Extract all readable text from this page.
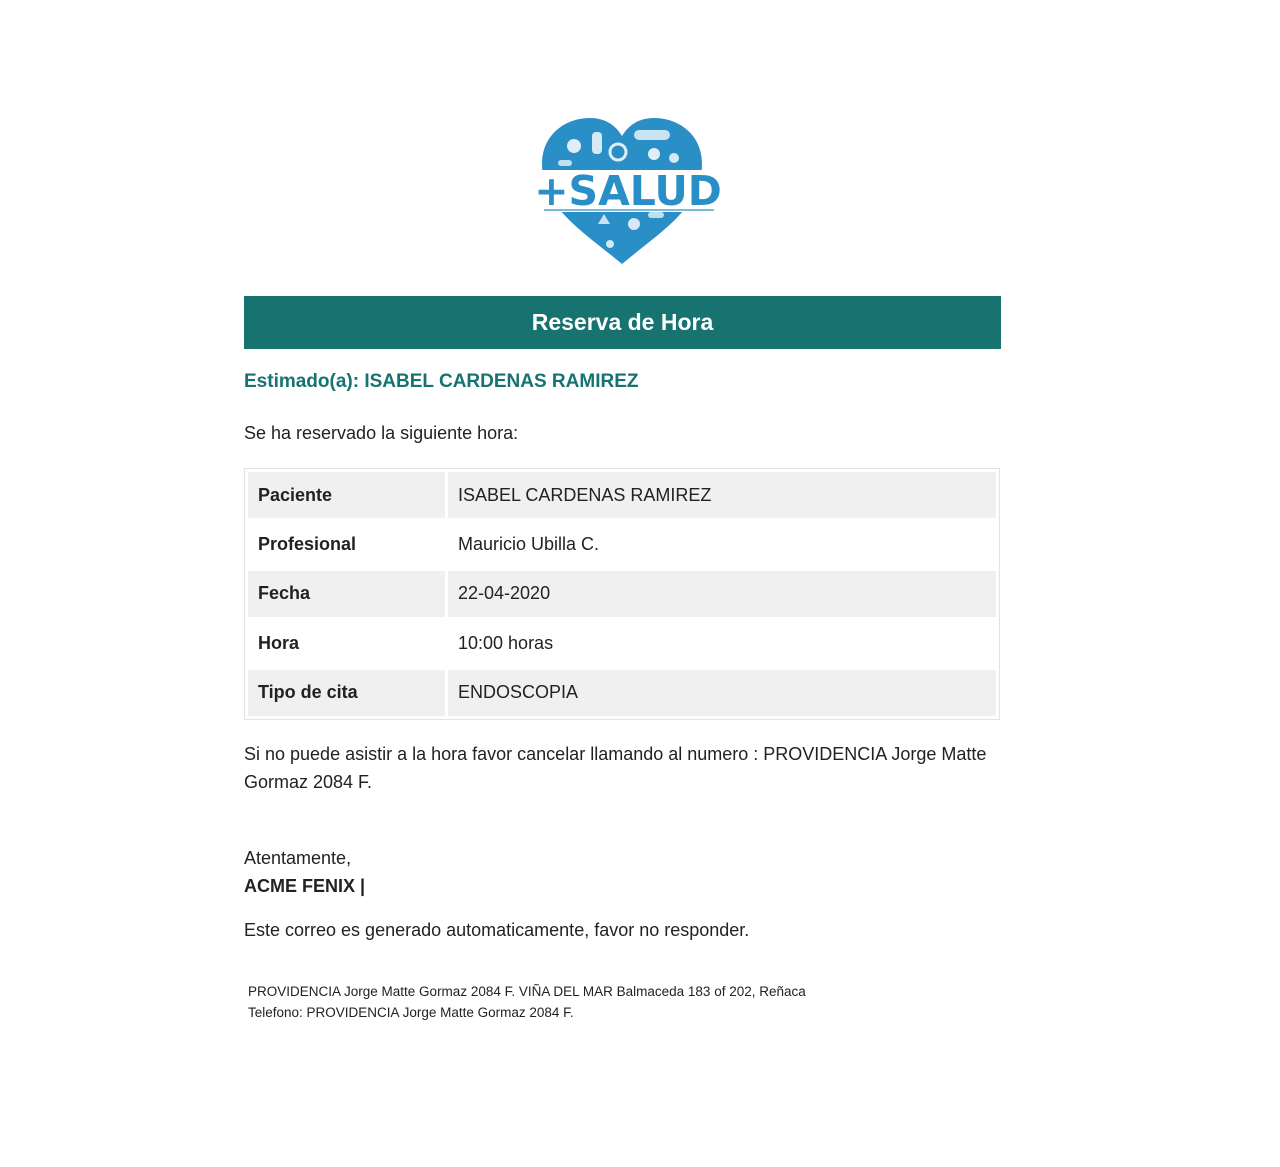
+SALUD
Reserva de Hora
Estimado(a): ISABEL CARDENAS RAMIREZ
Se ha reservado la siguiente hora:
Paciente	ISABEL CARDENAS RAMIREZ
Profesional	Mauricio Ubilla C.
Fecha	22-04-2020
Hora	10:00 horas
Tipo de cita	ENDOSCOPIA
Si no puede asistir a la hora favor cancelar llamando al numero : PROVIDENCIA Jorge Matte Gormaz 2084 F.
Atentamente,
ACME FENIX |
Este correo es generado automaticamente, favor no responder.
PROVIDENCIA Jorge Matte Gormaz 2084 F. VIÑA DEL MAR Balmaceda 183 of 202, Reñaca
Telefono: PROVIDENCIA Jorge Matte Gormaz 2084 F.
